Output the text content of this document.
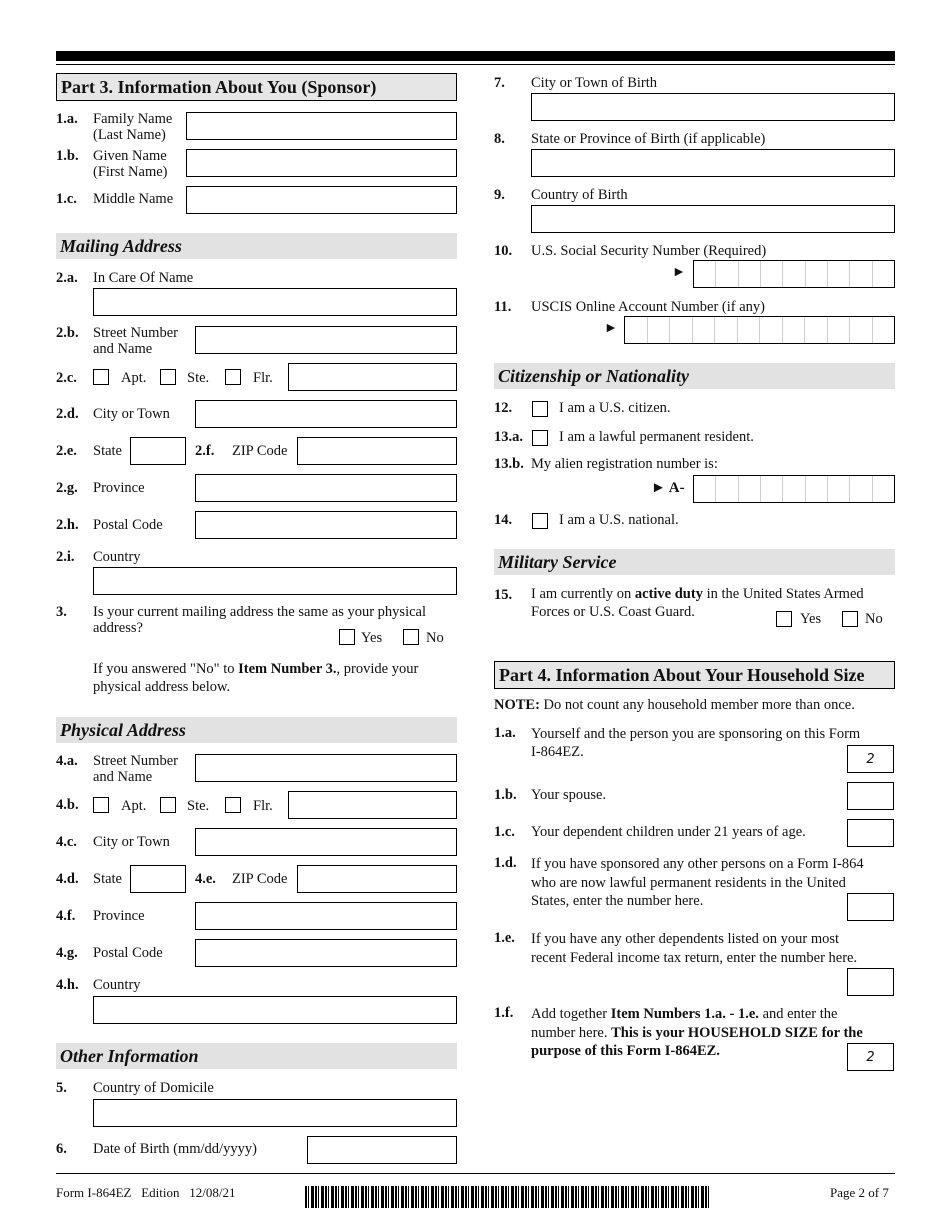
Part 3. Information About You (Sponsor)
1.a. Family Name
(Last Name)
1.b. Given Name
(First Name)
1.c. Middle Name
Mailing Address
2.a. In Care Of Name
2.b. Street Number
and Name
2.c.	Apt.	Ste.	Flr.
2.d. City or Town
2.e. State	2.f. ZIP Code
2.g. Province
2.h. Postal Code
2.i. Country
3. Is your current mailing address the same as your physical
address?
Yes	No
If you answered "No" to Item Number 3., provide your
physical address below.
Physical Address
4.a. Street Number
and Name
4.b.	Apt.	Ste.	Flr.
4.c. City or Town
4.d. State	4.e. ZIP Code
4.f. Province
4.g. Postal Code
4.h. Country
Other Information
5. Country of Domicile
6. Date of Birth (mm/dd/yyyy)
7. City or Town of Birth
8. State or Province of Birth (if applicable)
9. Country of Birth
10. U.S. Social Security Number (Required)
►
11. USCIS Online Account Number (if any)
►
Citizenship or Nationality
12.	I am a U.S. citizen.
13.a. I am a lawful permanent resident.
13.b. My alien registration number is:
► A-
14.	I am a U.S. national.
Military Service
15. I am currently on active duty in the United States Armed
Forces or U.S. Coast Guard.	Yes	No
Part 4. Information About Your Household Size
NOTE: Do not count any household member more than once.
1.a. Yourself and the person you are sponsoring on this Form
I-864EZ.	2
1.b. Your spouse.
1.c. Your dependent children under 21 years of age.
1.d. If you have sponsored any other persons on a Form I-864
who are now lawful permanent residents in the United
States, enter the number here.
1.e. If you have any other dependents listed on your most
recent Federal income tax return, enter the number here.
1.f. Add together Item Numbers 1.a. - 1.e. and enter the
number here. This is your HOUSEHOLD SIZE for the
purpose of this Form I-864EZ.	2
Form I-864EZ   Edition   12/08/21	Page 2 of 7
